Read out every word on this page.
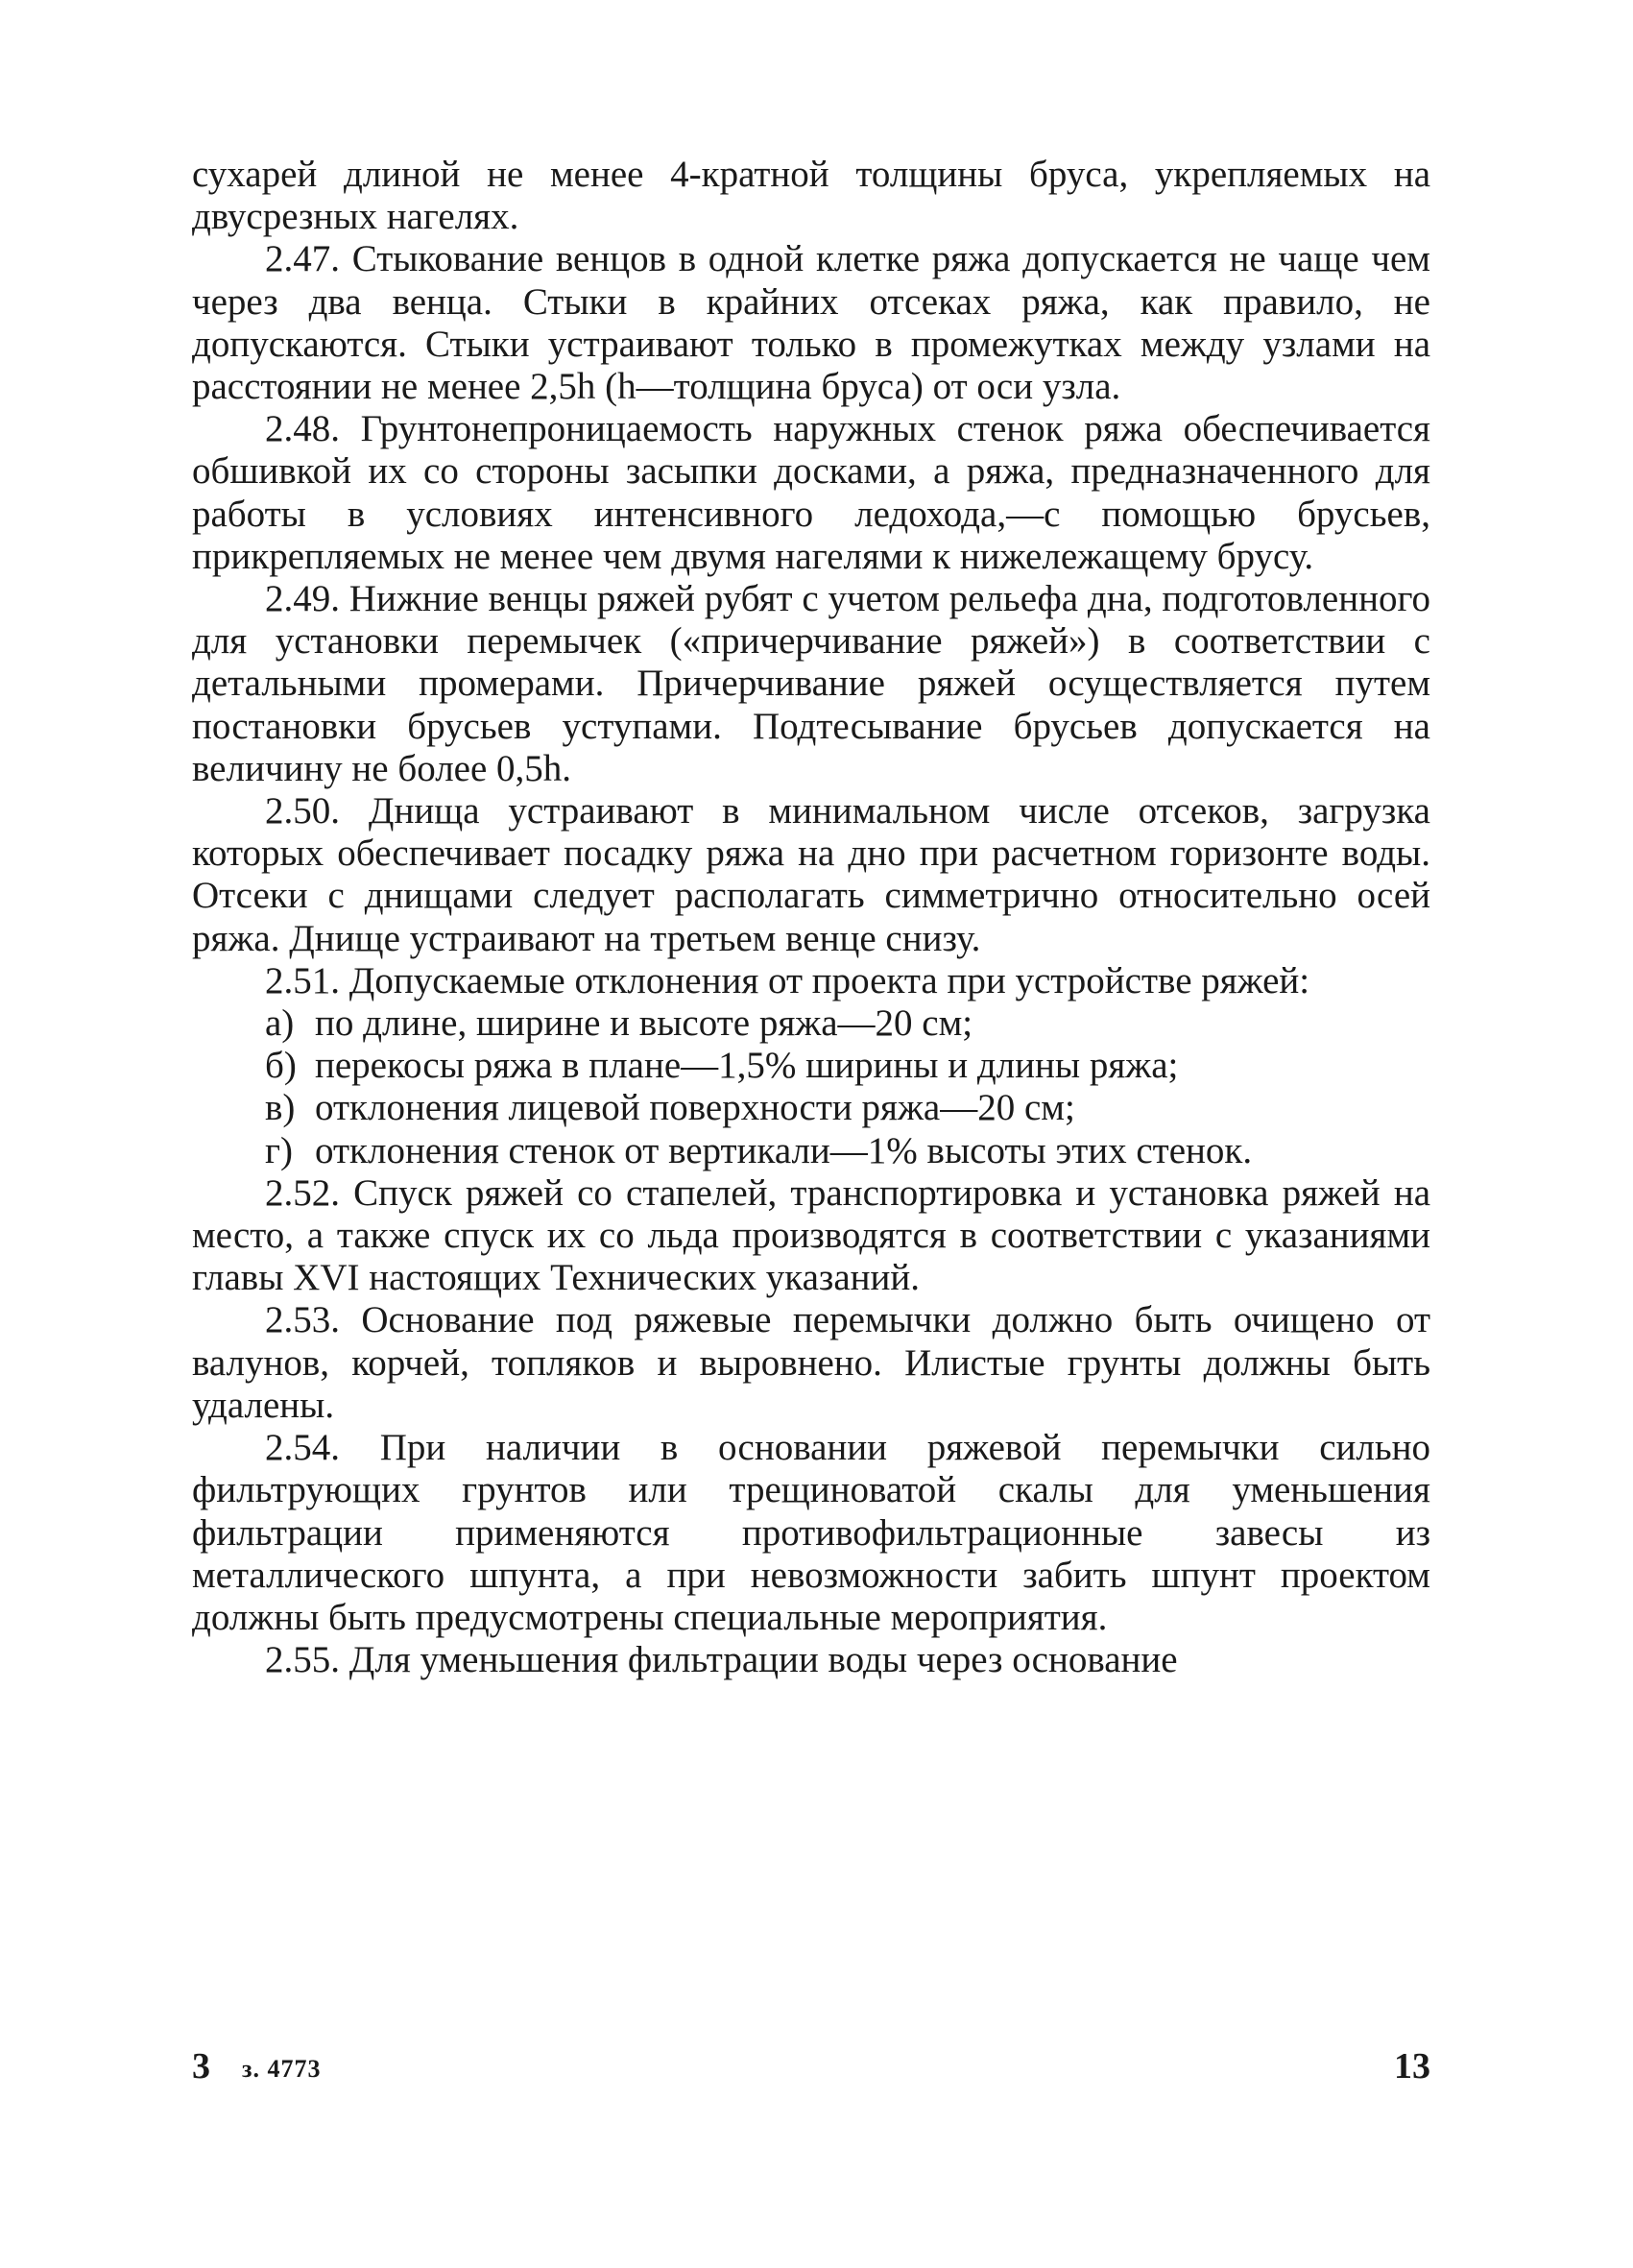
сухарей длиной не менее 4-кратной толщины бруса, укрепляемых на двусрезных нагелях.

2.47. Стыкование венцов в одной клетке ряжа допускается не чаще чем через два венца. Стыки в крайних отсеках ряжа, как правило, не допускаются. Стыки устраивают только в промежутках между узлами на расстоянии не менее 2,5h (h—толщина бруса) от оси узла.

2.48. Грунтонепроницаемость наружных стенок ряжа обеспечивается обшивкой их со стороны засыпки досками, а ряжа, предназначенного для работы в условиях интенсивного ледохода,—с помощью брусьев, прикрепляемых не менее чем двумя нагелями к нижележащему брусу.

2.49. Нижние венцы ряжей рубят с учетом рельефа дна, подготовленного для установки перемычек («причерчивание ряжей») в соответствии с детальными промерами. Причерчивание ряжей осуществляется путем постановки брусьев уступами. Подтесывание брусьев допускается на величину не более 0,5h.

2.50. Днища устраивают в минимальном числе отсеков, загрузка которых обеспечивает посадку ряжа на дно при расчетном горизонте воды. Отсеки с днищами следует располагать симметрично относительно осей ряжа. Днище устраивают на третьем венце снизу.

2.51. Допускаемые отклонения от проекта при устройстве ряжей:

а) по длине, ширине и высоте ряжа—20 см;

б) перекосы ряжа в плане—1,5% ширины и длины ряжа;

в) отклонения лицевой поверхности ряжа—20 см;

г) отклонения стенок от вертикали—1% высоты этих стенок.

2.52. Спуск ряжей со стапелей, транспортировка и установка ряжей на место, а также спуск их со льда производятся в соответствии с указаниями главы XVI настоящих Технических указаний.

2.53. Основание под ряжевые перемычки должно быть очищено от валунов, корчей, топляков и выровнено. Илистые грунты должны быть удалены.

2.54. При наличии в основании ряжевой перемычки сильно фильтрующих грунтов или трещиноватой скалы для уменьшения фильтрации применяются противофильтрационные завесы из металлического шпунта, а при невозможности забить шпунт проектом должны быть предусмотрены специальные мероприятия.

2.55. Для уменьшения фильтрации воды через основание

3 з. 4773	13
